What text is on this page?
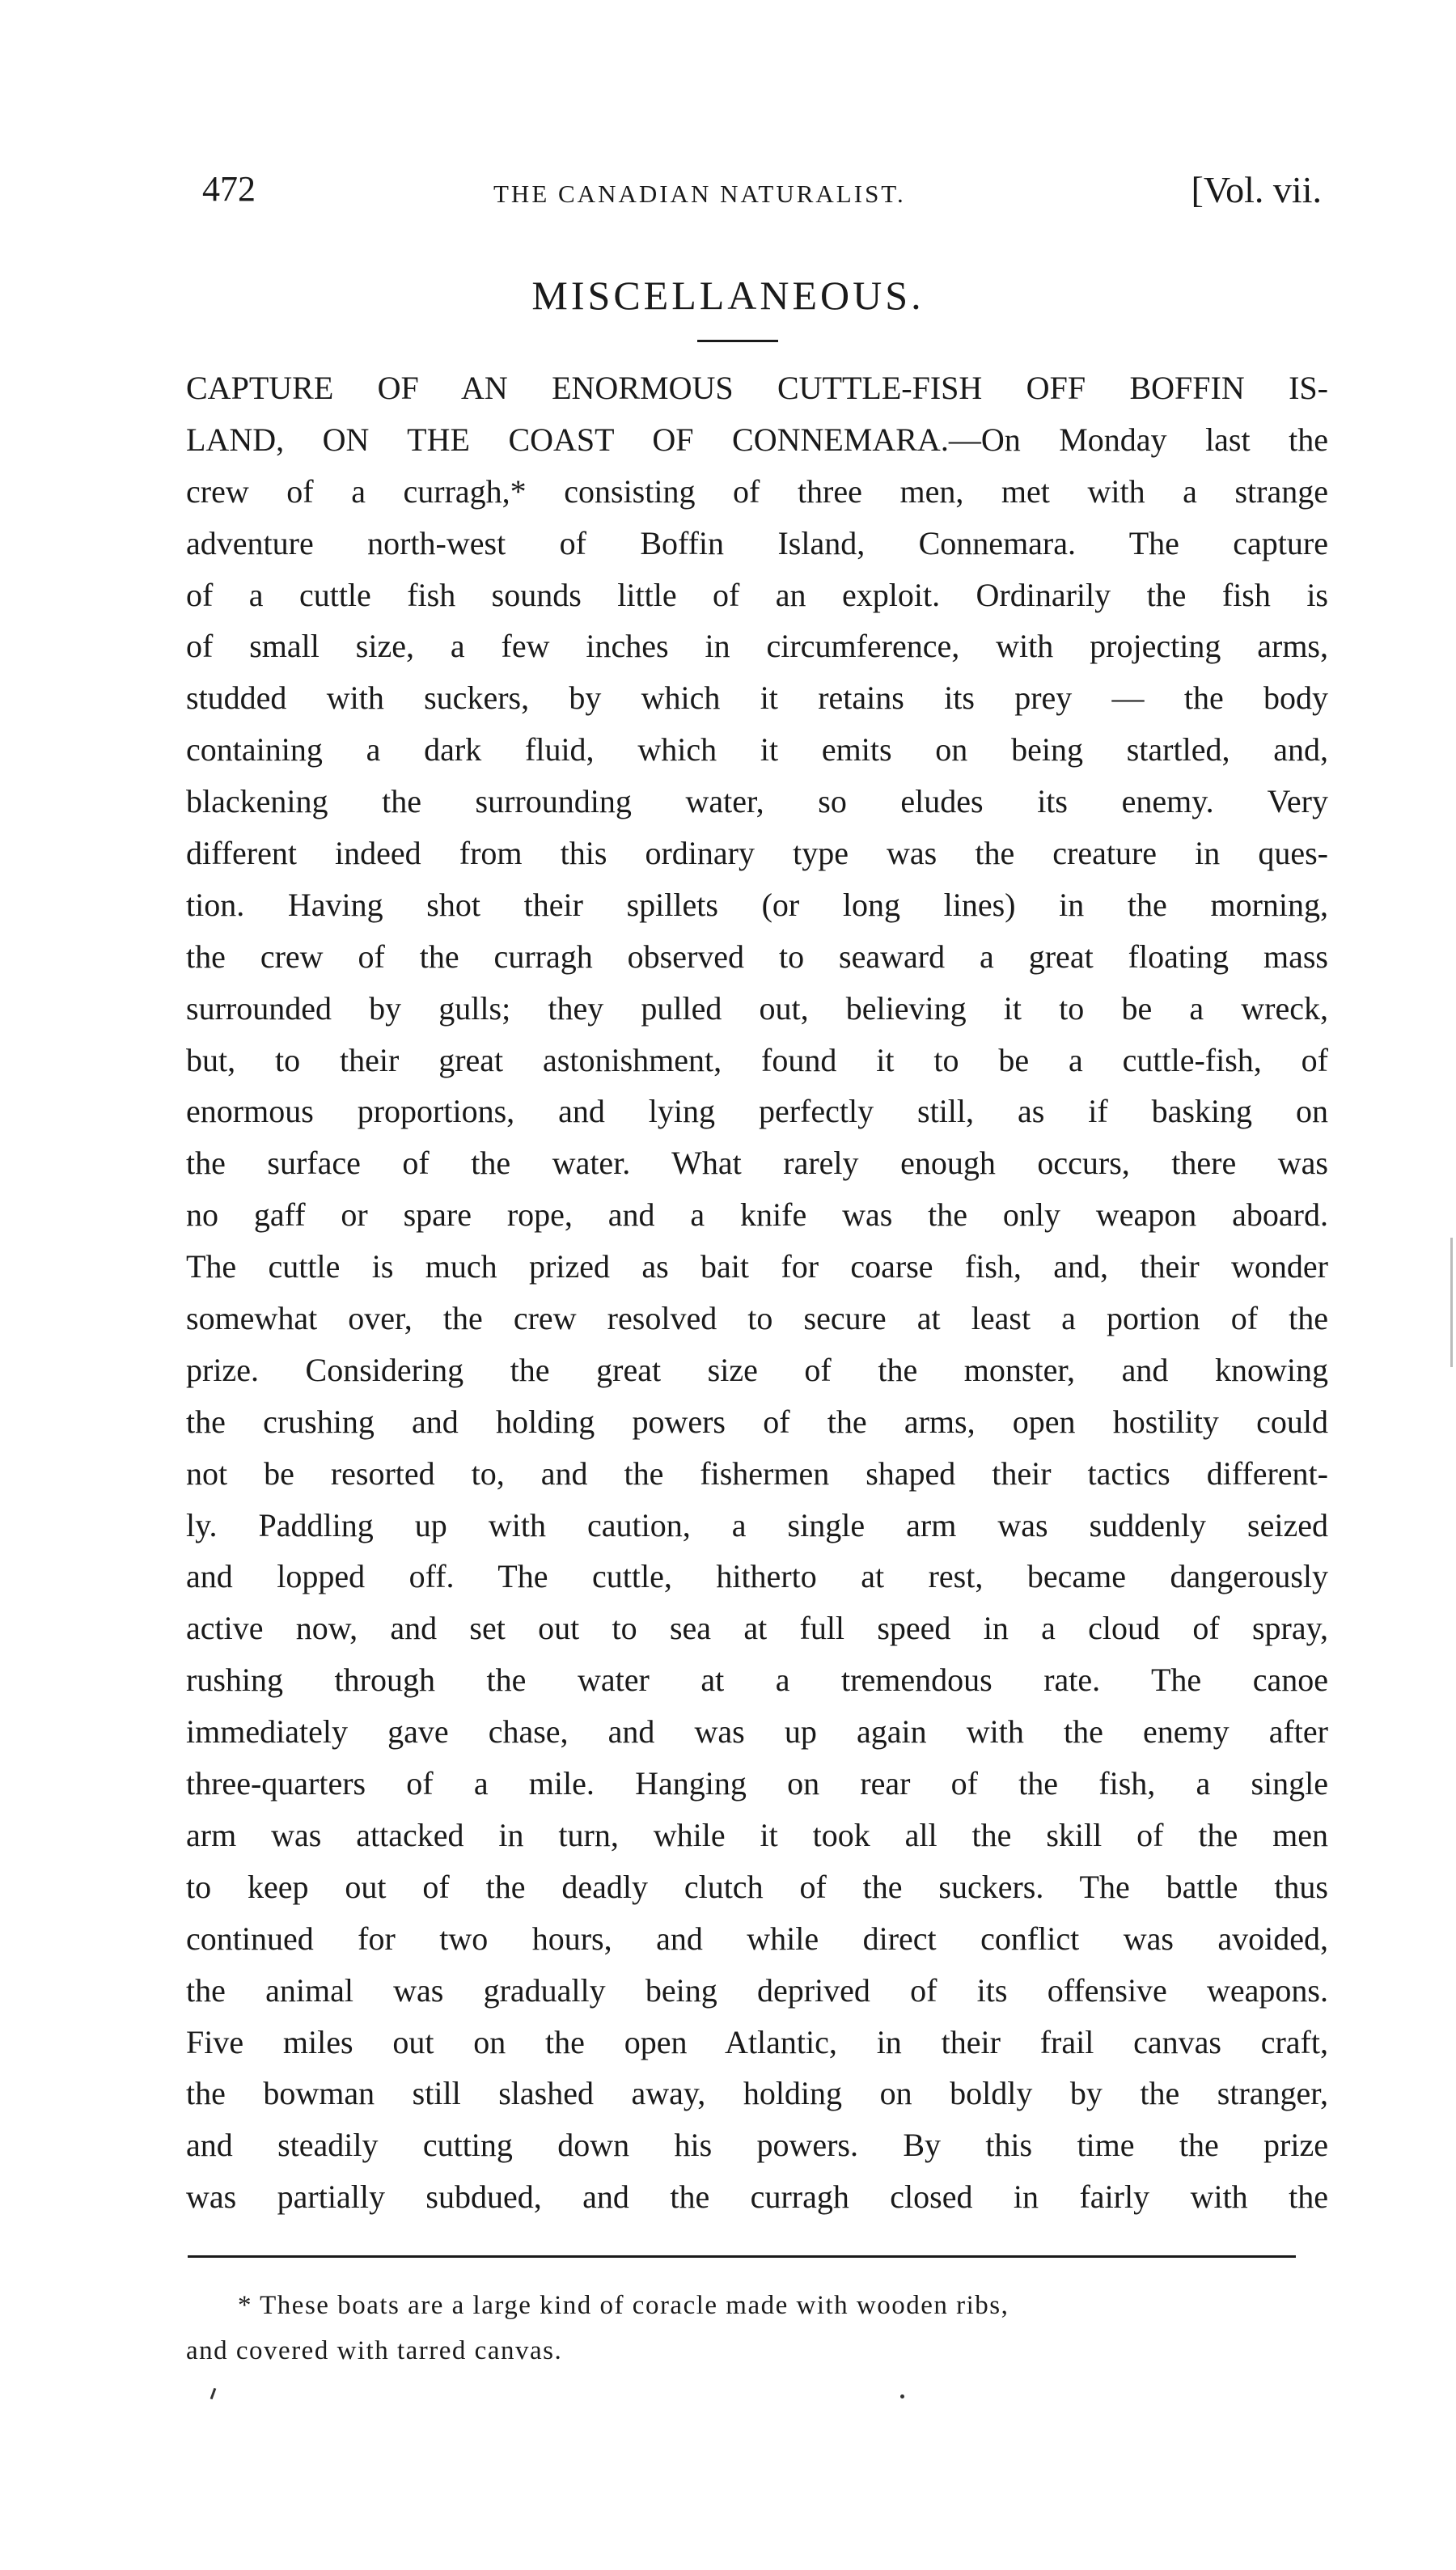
472	THE CANADIAN NATURALIST.	[Vol. vii.
MISCELLANEOUS.
CAPTURE OF AN ENORMOUS CUTTLE-FISH OFF BOFFIN IS-
LAND, ON THE COAST OF CONNEMARA.—On Monday last the
crew of a curragh,* consisting of three men, met with a strange
adventure north-west of Boffin Island, Connemara. The capture
of a cuttle fish sounds little of an exploit. Ordinarily the fish is
of small size, a few inches in circumference, with projecting arms,
studded with suckers, by which it retains its prey — the body
containing a dark fluid, which it emits on being startled, and,
blackening the surrounding water, so eludes its enemy. Very
different indeed from this ordinary type was the creature in ques-
tion. Having shot their spillets (or long lines) in the morning,
the crew of the curragh observed to seaward a great floating mass
surrounded by gulls; they pulled out, believing it to be a wreck,
but, to their great astonishment, found it to be a cuttle-fish, of
enormous proportions, and lying perfectly still, as if basking on
the surface of the water. What rarely enough occurs, there was
no gaff or spare rope, and a knife was the only weapon aboard.
The cuttle is much prized as bait for coarse fish, and, their wonder
somewhat over, the crew resolved to secure at least a portion of the
prize. Considering the great size of the monster, and knowing
the crushing and holding powers of the arms, open hostility could
not be resorted to, and the fishermen shaped their tactics different-
ly. Paddling up with caution, a single arm was suddenly seized
and lopped off. The cuttle, hitherto at rest, became dangerously
active now, and set out to sea at full speed in a cloud of spray,
rushing through the water at a tremendous rate. The canoe
immediately gave chase, and was up again with the enemy after
three-quarters of a mile. Hanging on rear of the fish, a single
arm was attacked in turn, while it took all the skill of the men
to keep out of the deadly clutch of the suckers. The battle thus
continued for two hours, and while direct conflict was avoided,
the animal was gradually being deprived of its offensive weapons.
Five miles out on the open Atlantic, in their frail canvas craft,
the bowman still slashed away, holding on boldly by the stranger,
and steadily cutting down his powers. By this time the prize
was partially subdued, and the curragh closed in fairly with the
* These boats are a large kind of coracle made with wooden ribs,
and covered with tarred canvas.
